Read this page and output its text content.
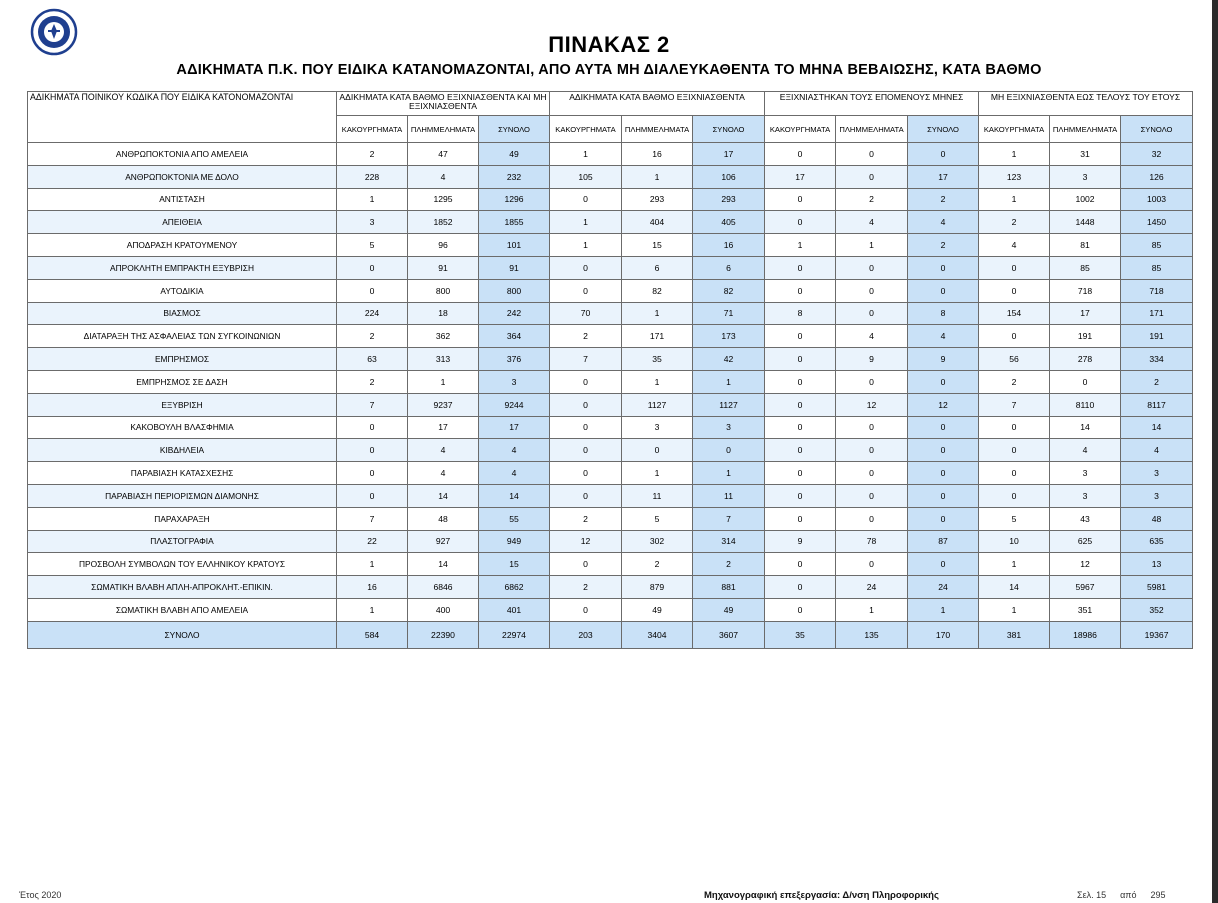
ΠΙΝΑΚΑΣ 2
ΑΔΙΚΗΜΑΤΑ Π.Κ. ΠΟΥ ΕΙΔΙΚΑ ΚΑΤΑΝΟΜΑΖΟΝΤΑΙ, ΑΠΟ ΑΥΤΑ ΜΗ ΔΙΑΛΕΥΚΑΘΕΝΤΑ ΤΟ ΜΗΝΑ ΒΕΒΑΙΩΣΗΣ, ΚΑΤΑ ΒΑΘΜΟ
ΑΔΙΚΗΜΑΤΑ ΠΟΙΝΙΚΟΥ ΚΩΔΙΚΑ ΠΟΥ ΕΙΔΙΚΑ ΚΑΤΟΝΟΜΑΖΟΝΤΑΙ	ΑΔΙΚΗΜΑΤΑ ΚΑΤΑ ΒΑΘΜΟ ΕΞΙΧΝΙΑΣΘΕΝΤΑ ΚΑΙ ΜΗ ΕΞΙΧΝΙΑΣΘΕΝΤΑ			ΑΔΙΚΗΜΑΤΑ ΚΑΤΑ ΒΑΘΜΟ ΕΞΙΧΝΙΑΣΘΕΝΤΑ			ΕΞΙΧΝΙΑΣΤΗΚΑΝ ΤΟΥΣ ΕΠΟΜΕΝΟΥΣ ΜΗΝΕΣ			ΜΗ ΕΞΙΧΝΙΑΣΘΕΝΤΑ ΕΩΣ ΤΕΛΟΥΣ ΤΟΥ ΕΤΟΥΣ		
	ΚΑΚΟΥΡΓΗΜΑΤΑ	ΠΛΗΜΜΕΛΗΜΑΤΑ	ΣΥΝΟΛΟ	ΚΑΚΟΥΡΓΗΜΑΤΑ	ΠΛΗΜΜΕΛΗΜΑΤΑ	ΣΥΝΟΛΟ	ΚΑΚΟΥΡΓΗΜΑΤΑ	ΠΛΗΜΜΕΛΗΜΑΤΑ	ΣΥΝΟΛΟ	ΚΑΚΟΥΡΓΗΜΑΤΑ	ΠΛΗΜΜΕΛΗΜΑΤΑ	ΣΥΝΟΛΟ
ΑΝΘΡΩΠΟΚΤΟΝΙΑ ΑΠΟ ΑΜΕΛΕΙΑ	2	47	49	1	16	17	0	0	0	1	31	32
ΑΝΘΡΩΠΟΚΤΟΝΙΑ ΜΕ ΔΟΛΟ	228	4	232	105	1	106	17	0	17	123	3	126
ΑΝΤΙΣΤΑΣΗ	1	1295	1296	0	293	293	0	2	2	1	1002	1003
ΑΠΕΙΘΕΙΑ	3	1852	1855	1	404	405	0	4	4	2	1448	1450
ΑΠΟΔΡΑΣΗ ΚΡΑΤΟΥΜΕΝΟΥ	5	96	101	1	15	16	1	1	2	4	81	85
ΑΠΡΟΚΛΗΤΗ ΕΜΠΡΑΚΤΗ ΕΞΥΒΡΙΣΗ	0	91	91	0	6	6	0	0	0	0	85	85
ΑΥΤΟΔΙΚΙΑ	0	800	800	0	82	82	0	0	0	0	718	718
ΒΙΑΣΜΟΣ	224	18	242	70	1	71	8	0	8	154	17	171
ΔΙΑΤΑΡΑΞΗ ΤΗΣ ΑΣΦΑΛΕΙΑΣ ΤΩΝ ΣΥΓΚΟΙΝΩΝΙΩΝ	2	362	364	2	171	173	0	4	4	0	191	191
ΕΜΠΡΗΣΜΟΣ	63	313	376	7	35	42	0	9	9	56	278	334
ΕΜΠΡΗΣΜΟΣ ΣΕ ΔΑΣΗ	2	1	3	0	1	1	0	0	0	2	0	2
ΕΞΥΒΡΙΣΗ	7	9237	9244	0	1127	1127	0	12	12	7	8110	8117
ΚΑΚΟΒΟΥΛΗ ΒΛΑΣΦΗΜΙΑ	0	17	17	0	3	3	0	0	0	0	14	14
ΚΙΒΔΗΛΕΙΑ	0	4	4	0	0	0	0	0	0	0	4	4
ΠΑΡΑΒΙΑΣΗ ΚΑΤΑΣΧΕΣΗΣ	0	4	4	0	1	1	0	0	0	0	3	3
ΠΑΡΑΒΙΑΣΗ ΠΕΡΙΟΡΙΣΜΩΝ ΔΙΑΜΟΝΗΣ	0	14	14	0	11	11	0	0	0	0	3	3
ΠΑΡΑΧΑΡΑΞΗ	7	48	55	2	5	7	0	0	0	5	43	48
ΠΛΑΣΤΟΓΡΑΦΙΑ	22	927	949	12	302	314	9	78	87	10	625	635
ΠΡΟΣΒΟΛΗ ΣΥΜΒΟΛΩΝ ΤΟΥ ΕΛΛΗΝΙΚΟΥ ΚΡΑΤΟΥΣ	1	14	15	0	2	2	0	0	0	1	12	13
ΣΩΜΑΤΙΚΗ ΒΛΑΒΗ ΑΠΛΗ-ΑΠΡΟΚΛΗΤ.-ΕΠΙΚΙΝ.	16	6846	6862	2	879	881	0	24	24	14	5967	5981
ΣΩΜΑΤΙΚΗ ΒΛΑΒΗ ΑΠΟ ΑΜΕΛΕΙΑ	1	400	401	0	49	49	0	1	1	1	351	352
ΣΥΝΟΛΟ	584	22390	22974	203	3404	3607	35	135	170	381	18986	19367
Έτος 2020	Μηχανογραφική επεξεργασία: Δ/νση Πληροφορικής	Σελ. 15 από 295
